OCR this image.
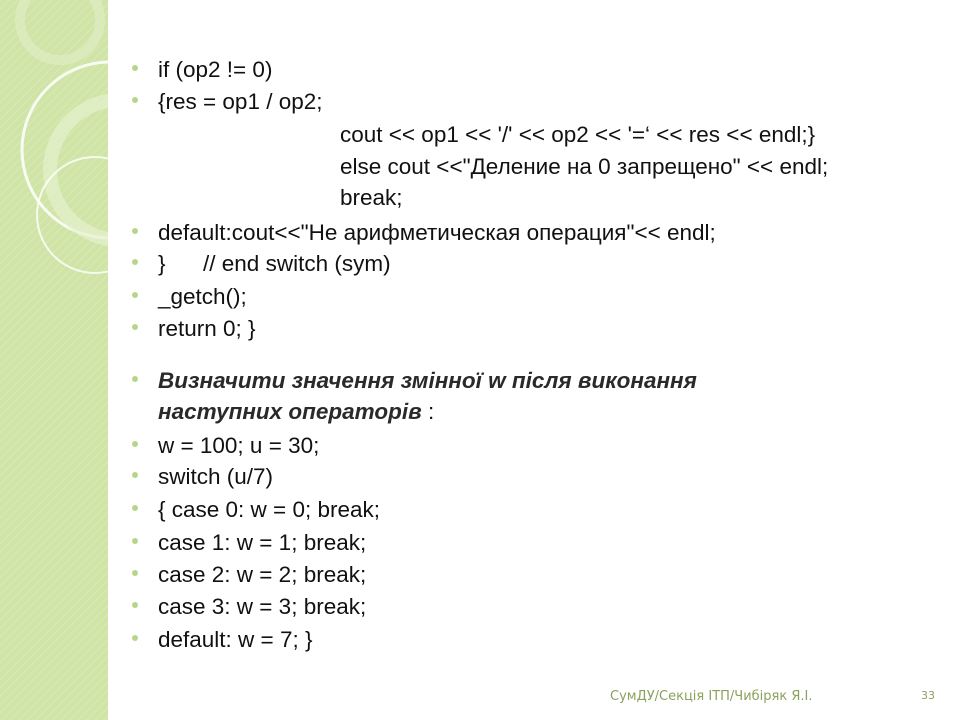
if (op2 != 0)
{res = op1 / op2;
cout << op1 << '/' << op2 << '=‘ << res << endl;}
else cout <<"Деление на 0 запрещено" << endl;
break;
default:cout<<"Не арифметическая операция"<< endl;
}      // end switch (sym)
_getch();
return 0; }
Визначити значення змінної w після виконання
наступних операторів :
w = 100; u = 30;
switch (u/7)
{ case 0: w = 0; break;
case 1: w = 1; break;
case 2: w = 2; break;
case 3: w = 3; break;
default: w = 7; }
СумДУ/Секція ІТП/Чибіряк Я.І.	33
